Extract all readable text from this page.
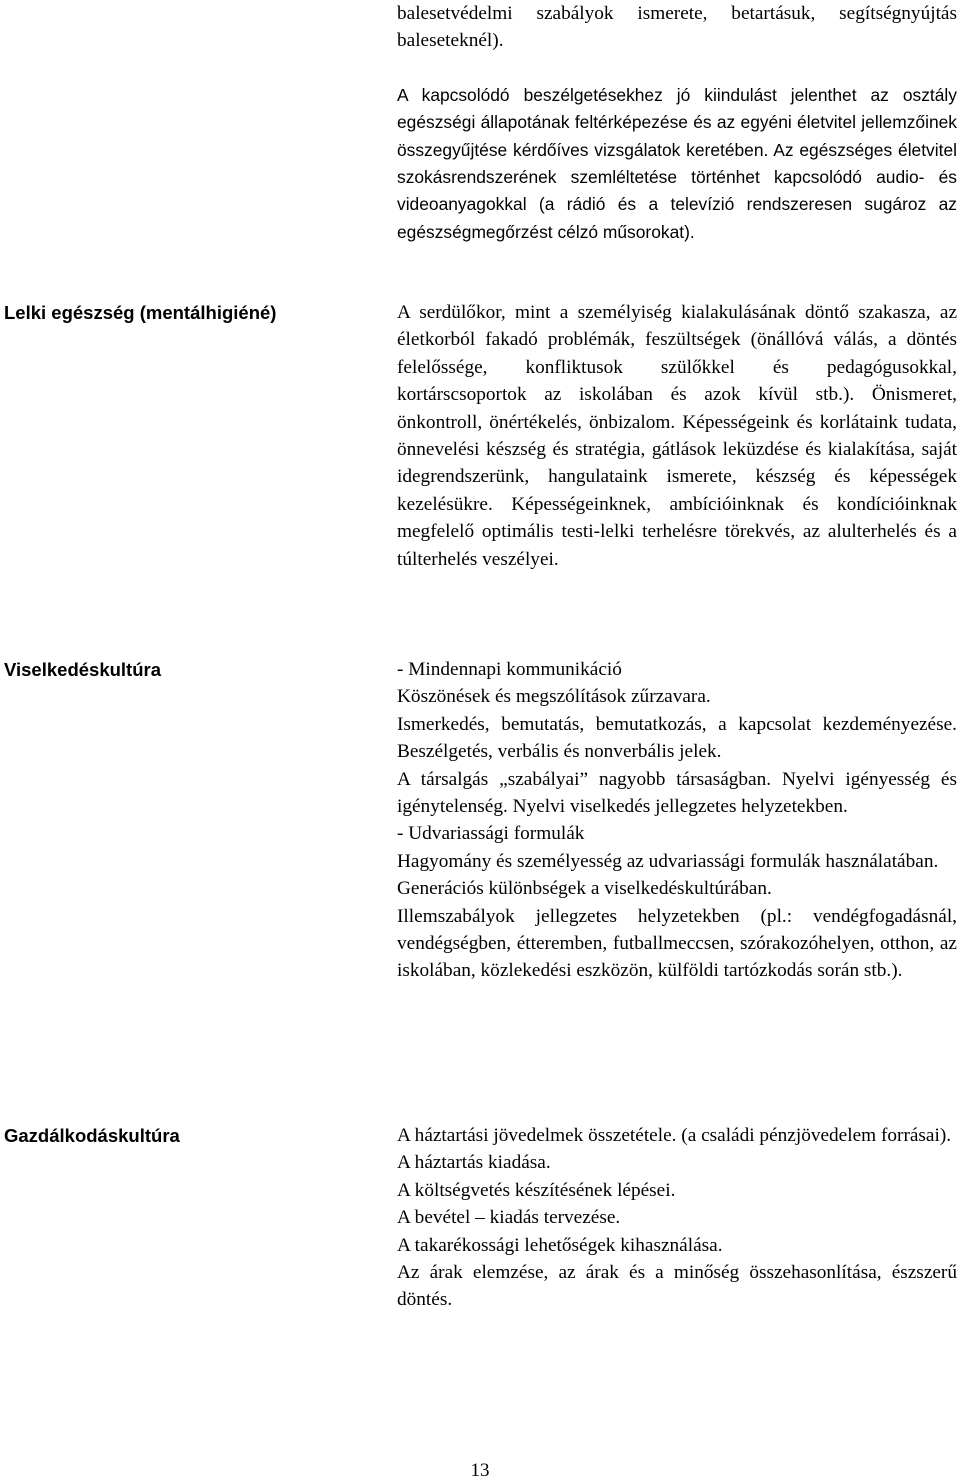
balesetvédelmi szabályok ismerete, betartásuk, segítségnyújtás baleseteknél).

A kapcsolódó beszélgetésekhez jó kiindulást jelenthet az osztály egészségi állapotának feltérképezése és az egyéni életvitel jellemzőinek összegyűjtése kérdőíves vizsgálatok keretében. Az egészséges életvitel szokásrendszerének szemléltetése történhet kapcsolódó audio- és videoanyagokkal (a rádió és a televízió rendszeresen sugároz az egészségmegőrzést célzó műsorokat).

Lelki egészség (mentálhigiéné)	A serdülőkor, mint a személyiség kialakulásának döntő szakasza, az életkorból fakadó problémák, feszültségek (önállóvá válás, a döntés felelőssége, konfliktusok szülőkkel és pedagógusokkal, kortárscsoportok az iskolában és azok kívül stb.). Önismeret, önkontroll, önértékelés, önbizalom. Képességeink és korlátaink tudata, önnevelési készség és stratégia, gátlások leküzdése és kialakítása, saját idegrendszerünk, hangulataink ismerete, készség és képességek kezelésükre. Képességeinknek, ambícióinknak és kondícióinknak megfelelő optimális testi-lelki terhelésre törekvés, az alulterhelés és a túlterhelés veszélyei.

Viselkedéskultúra	- Mindennapi kommunikáció

Köszönések és megszólítások zűrzavara.

Ismerkedés, bemutatás, bemutatkozás, a kapcsolat kezdeményezése. Beszélgetés, verbális és nonverbális jelek.

A társalgás „szabályai” nagyobb társaságban. Nyelvi igényesség és igénytelenség. Nyelvi viselkedés jellegzetes helyzetekben.

- Udvariassági formulák

Hagyomány és személyesség az udvariassági formulák használatában.

Generációs különbségek a viselkedéskultúrában.

Illemszabályok jellegzetes helyzetekben (pl.: vendégfogadásnál, vendégségben, étteremben, futballmeccsen, szórakozóhelyen, otthon, az iskolában, közlekedési eszközön, külföldi tartózkodás során stb.).

Gazdálkodáskultúra	A háztartási jövedelmek összetétele. (a családi pénzjövedelem forrásai).

A háztartás kiadása.

A költségvetés készítésének lépései.

A bevétel – kiadás tervezése.

A takarékossági lehetőségek kihasználása.

Az árak elemzése, az árak és a minőség összehasonlítása, észszerű döntés.

13
